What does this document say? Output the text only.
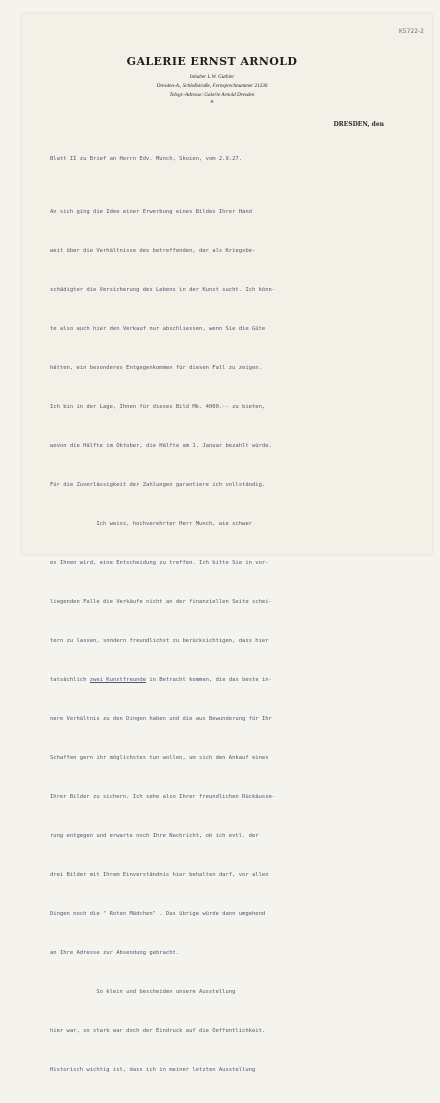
K5722-2
GALERIE ERNST ARNOLD
Inhaber L.W. Gutbier
Dresden-A., Schloßstraße, Fernsprechnummer 21236
Telegr.-Adresse: Galerie Arnold Dresden
*
DRESDEN, den
Blatt II zu Brief an Herrn Edv. Munch, Skoien, vom 2.9.27.

An sich ging die Idee einer Erwerbung eines Bildes Ihrer Hand

weit über die Verhältnisse des betreffenden, der als Kriegsbe-

schädigter die Versicherung des Lebens in der Kunst sucht. Ich könn-

te also auch hier den Verkauf nur abschliessen, wenn Sie die Güte

hätten, ein besonderes Entgegenkommen für diesen Fall zu zeigen.

Ich bin in der Lage, Ihnen für dieses Bild Mk. 4000.-- zu bieten,

wovon die Hälfte im Oktober, die Hälfte am 1. Januar bezahlt würde.

Für die Zuverlässigkeit der Zahlungen garantiere ich vollständig.

Ich weiss, hochverehrter Herr Munch, wie schwer

es Ihnen wird, eine Entscheidung zu treffen. Ich bitte Sie in vor-

liegenden Falle die Verkäufe nicht an der finanziellen Seite schei-

tern zu lassen, sondern freundlichst zu berücksichtigen, dass hier

tatsächlich zwei Kunstfreunde in Betracht kommen, die das beste in-

nere Verhältnis zu den Dingen haben und die aus Bewunderung für Ihr

Schaffen gern ihr möglichstes tun wollen, um sich den Ankauf eines

Ihrer Bilder zu sichern. Ich sehe also Ihrer freundlichen Rückäusse-

rung entgegen und erwarte noch Ihre Nachricht, ob ich evtl. der

drei Bilder mit Ihrem Einverständnis hier behalten darf, vor allen

Dingen noch die " Roten Mädchen" . Das übrige würde dann umgehend

an Ihre Adresse zur Absendung gebracht.

So klein und bescheiden unsere Ausstellung

hier war, so stark war doch der Eindruck auf die Oeffentlichkeit.

Historisch wichtig ist, dass ich in meiner letzten Ausstellung
